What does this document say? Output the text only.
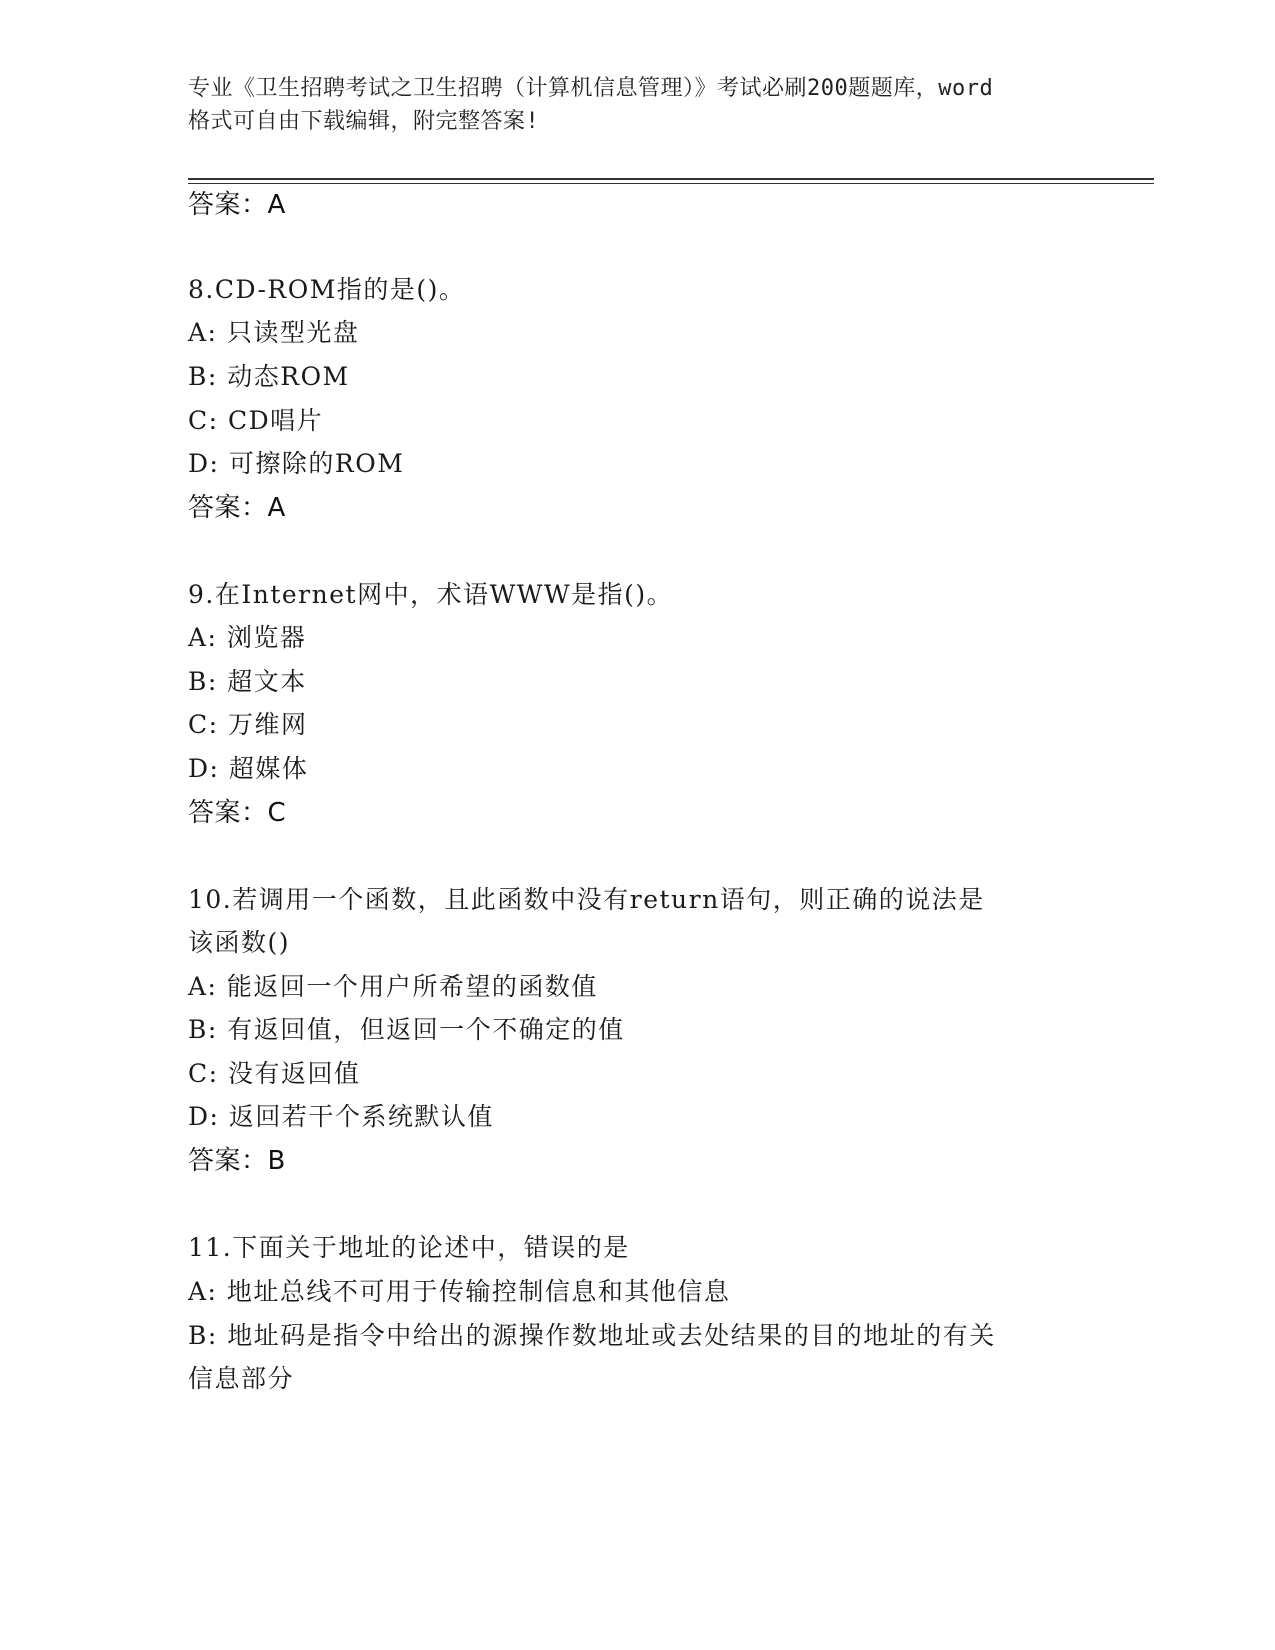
专业《卫生招聘考试之卫生招聘（计算机信息管理）》考试必刷200题题库，word
格式可自由下载编辑，附完整答案!
答案：A
8.CD-ROM指的是()。
A: 只读型光盘
B: 动态ROM
C: CD唱片
D: 可擦除的ROM
答案：A
9.在Internet网中，术语WWW是指()。
A: 浏览器
B: 超文本
C: 万维网
D: 超媒体
答案：C
10.若调用一个函数，且此函数中没有return语句，则正确的说法是
该函数()
A: 能返回一个用户所希望的函数值
B: 有返回值，但返回一个不确定的值
C: 没有返回值
D: 返回若干个系统默认值
答案：B
11.下面关于地址的论述中，错误的是
A: 地址总线不可用于传输控制信息和其他信息
B: 地址码是指令中给出的源操作数地址或去处结果的目的地址的有关
信息部分
